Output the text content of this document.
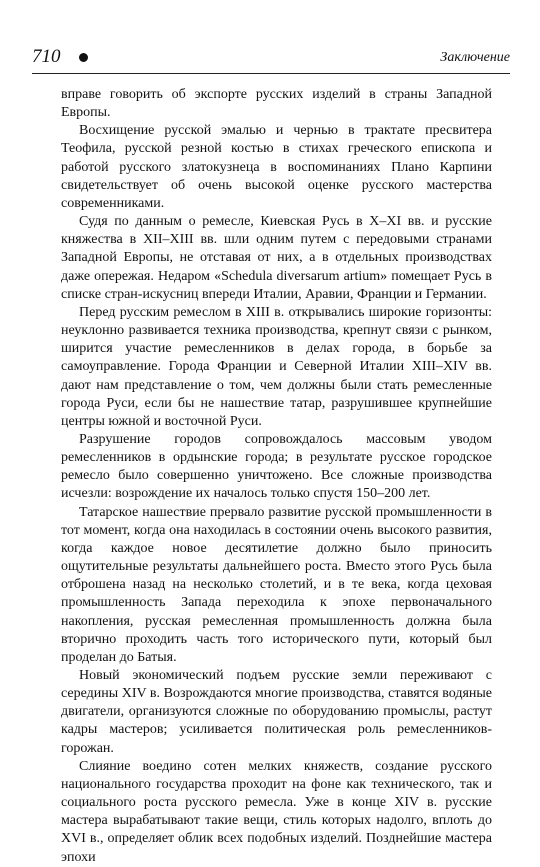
710	Заключение

вправе говорить об экспорте русских изделий в страны Западной Европы.

Восхищение русской эмалью и чернью в трактате пресвитера Теофила, русской резной костью в стихах греческого епископа и работой русского златокузнеца в воспоминаниях Плано Карпини свидетельствует об очень высокой оценке русского мастерства современниками.

Судя по данным о ремесле, Киевская Русь в X–XI вв. и русские княжества в XII–XIII вв. шли одним путем с передовыми странами Западной Европы, не отставая от них, а в отдельных производствах даже опережая. Недаром «Schedula diversarum artium» помещает Русь в списке стран-искусниц впереди Италии, Аравии, Франции и Германии.

Перед русским ремеслом в XIII в. открывались широкие горизонты: неуклонно развивается техника производства, крепнут связи с рынком, ширится участие ремесленников в делах города, в борьбе за самоуправление. Города Франции и Северной Италии XIII–XIV вв. дают нам представление о том, чем должны были стать ремесленные города Руси, если бы не нашествие татар, разрушившее крупнейшие центры южной и восточной Руси.

Разрушение городов сопровождалось массовым уводом ремесленников в ордынские города; в результате русское городское ремесло было совершенно уничтожено. Все сложные производства исчезли: возрождение их началось только спустя 150–200 лет.

Татарское нашествие прервало развитие русской промышленности в тот момент, когда она находилась в состоянии очень высокого развития, когда каждое новое десятилетие должно было приносить ощутительные результаты дальнейшего роста. Вместо этого Русь была отброшена назад на несколько столетий, и в те века, когда цеховая промышленность Запада переходила к эпохе первоначального накопления, русская ремесленная промышленность должна была вторично проходить часть того исторического пути, который был проделан до Батыя.

Новый экономический подъем русские земли переживают с середины XIV в. Возрождаются многие производства, ставятся водяные двигатели, организуются сложные по оборудованию промыслы, растут кадры мастеров; усиливается политическая роль ремесленников-горожан.

Слияние воедино сотен мелких княжеств, создание русского национального государства проходит на фоне как технического, так и социального роста русского ремесла. Уже в конце XIV в. русские мастера вырабатывают такие вещи, стиль которых надолго, вплоть до XVI в., определяет облик всех подобных изделий. Позднейшие мастера эпохи
